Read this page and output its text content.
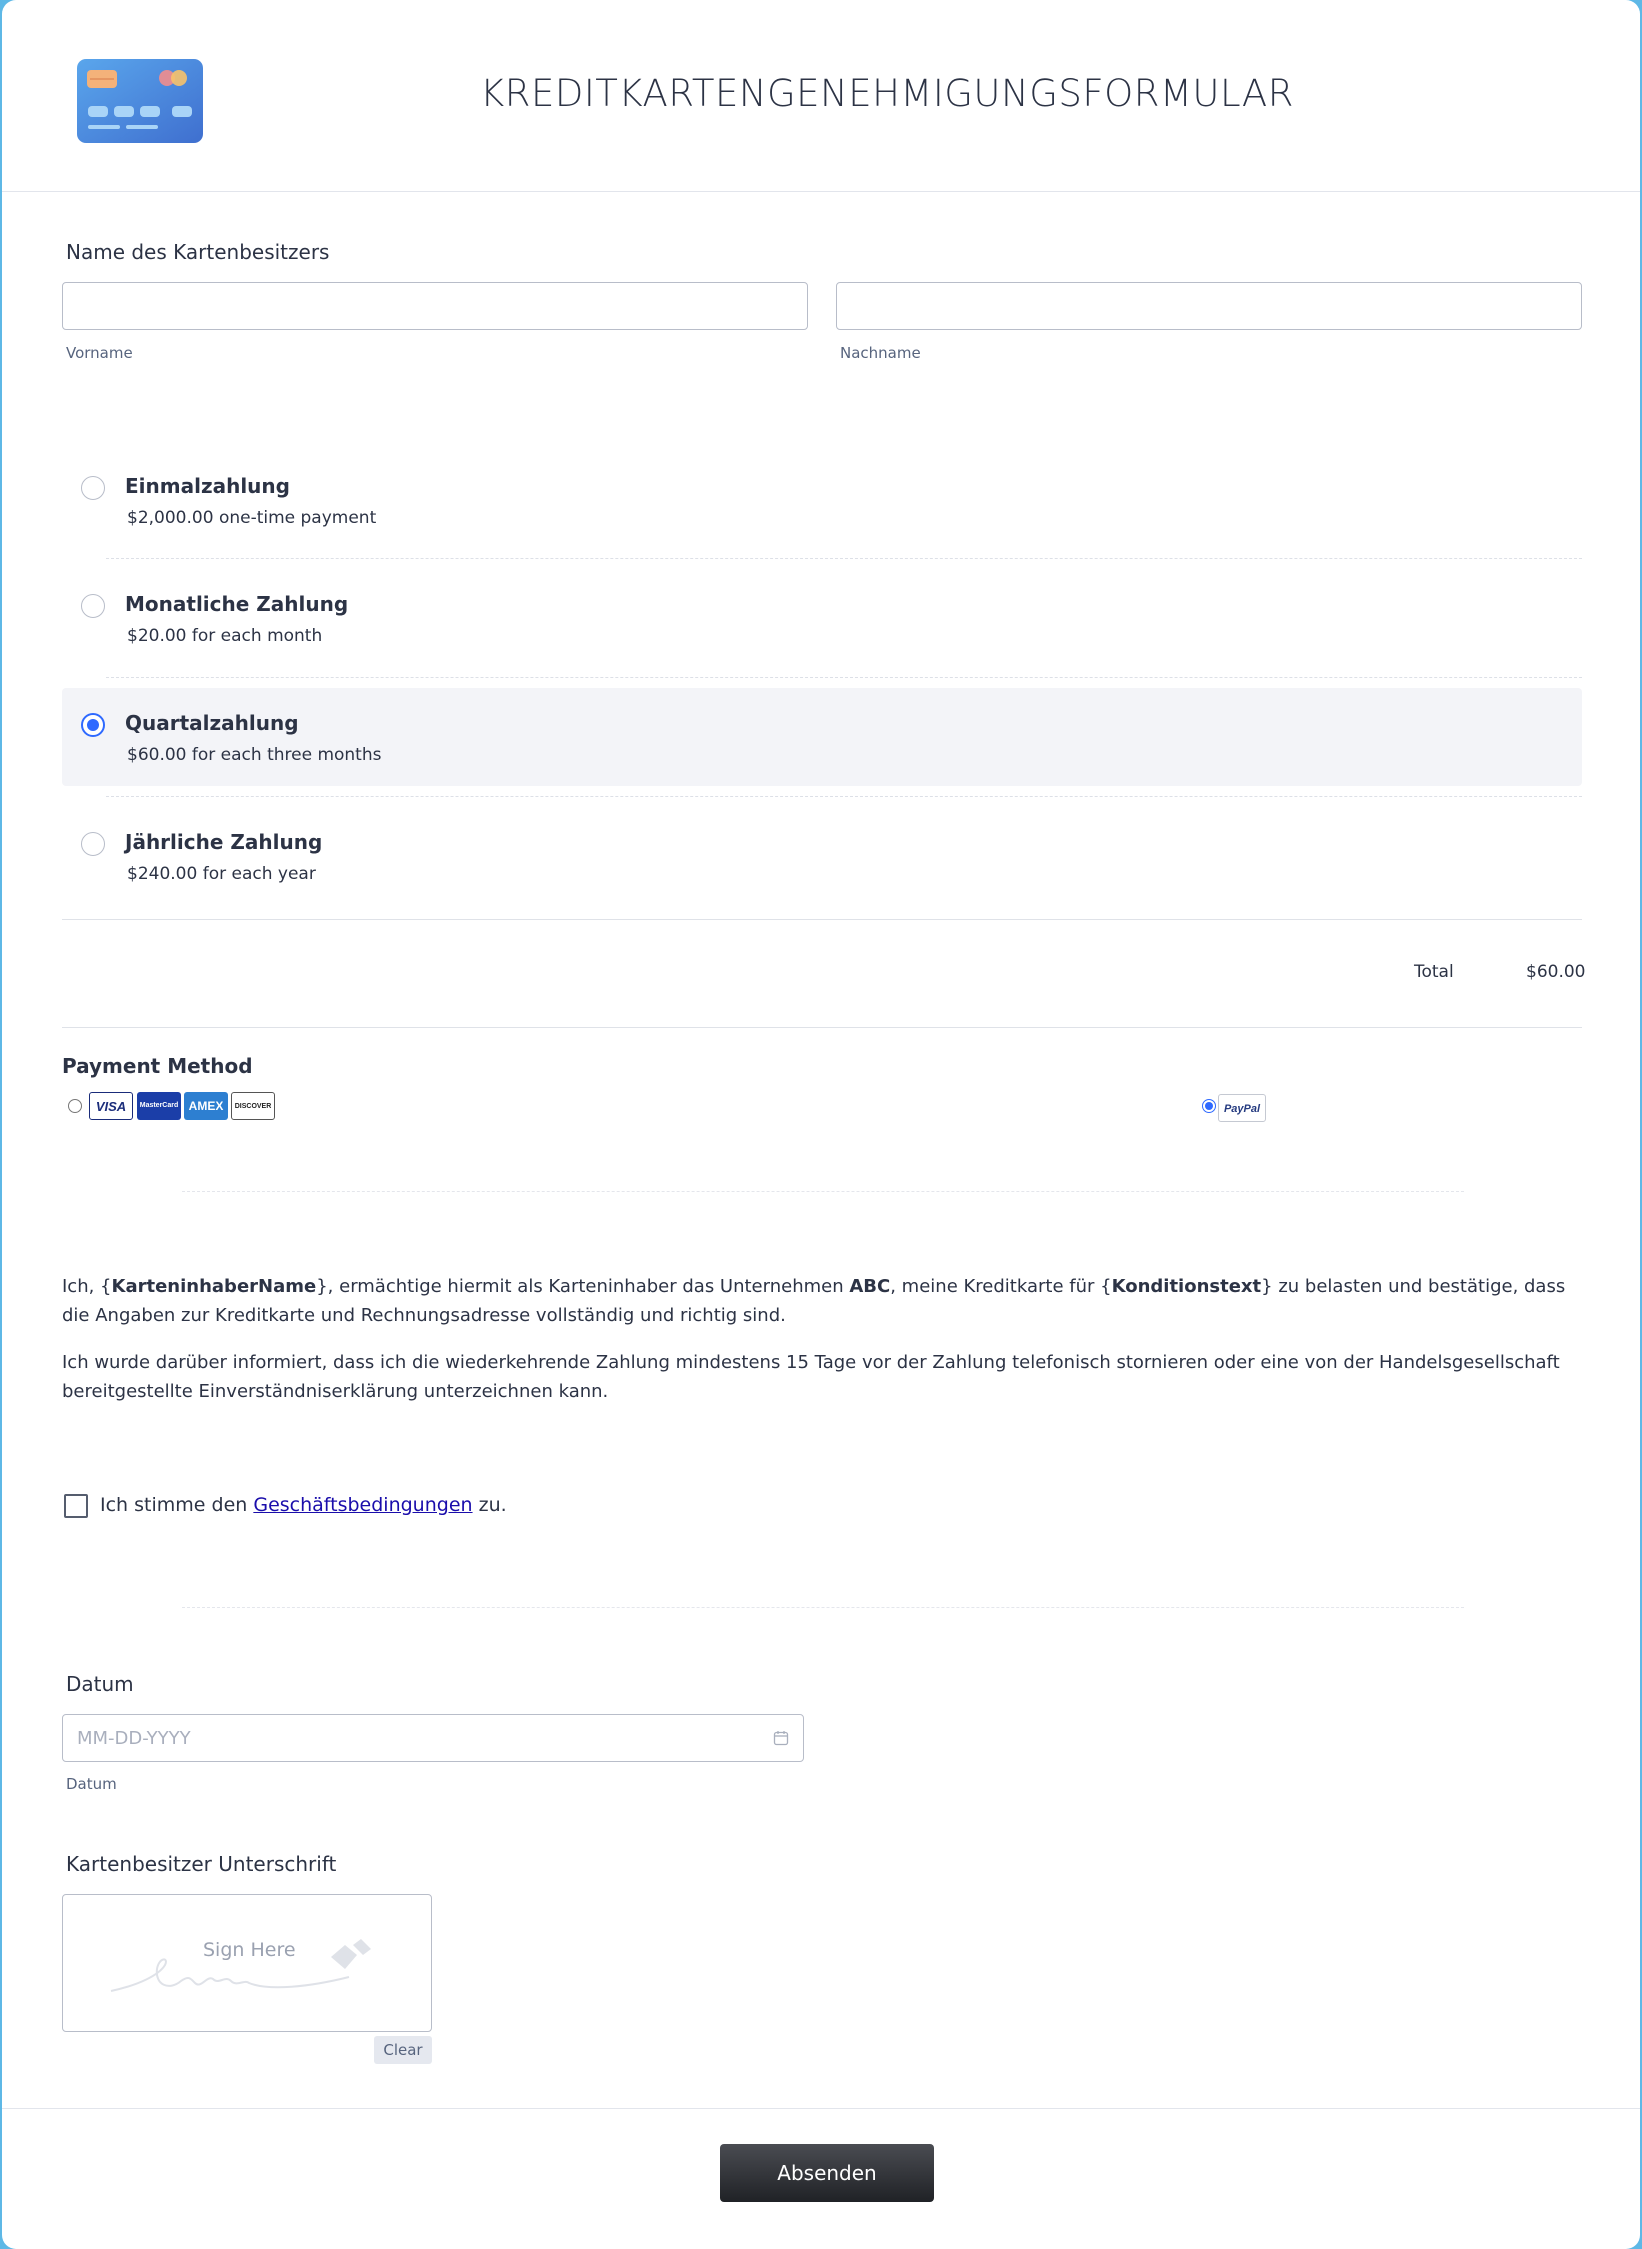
KREDITKARTENGENEHMIGUNGSFORMULAR
Name des Kartenbesitzers
Vorname	Nachname
Einmalzahlung
$2,000.00 one-time payment
Monatliche Zahlung
$20.00 for each month
Quartalzahlung
$60.00 for each three months
Jährliche Zahlung
$240.00 for each year
Total	$60.00
Payment Method
VISA	MasterCard AMEX	DISCOVER	PayPal
Ich, {KarteninhaberName}, ermächtige hiermit als Karteninhaber das Unternehmen ABC, meine Kreditkarte für {Konditionstext} zu belasten und bestätige, dass die Angaben zur Kreditkarte und Rechnungsadresse vollständig und richtig sind.
Ich wurde darüber informiert, dass ich die wiederkehrende Zahlung mindestens 15 Tage vor der Zahlung telefonisch stornieren oder eine von der Handelsgesellschaft bereitgestellte Einverständniserklärung unterzeichnen kann.
Ich stimme den Geschäftsbedingungen zu.
Datum
MM-DD-YYYY
Datum
Kartenbesitzer Unterschrift
Sign Here
Clear
Absenden
